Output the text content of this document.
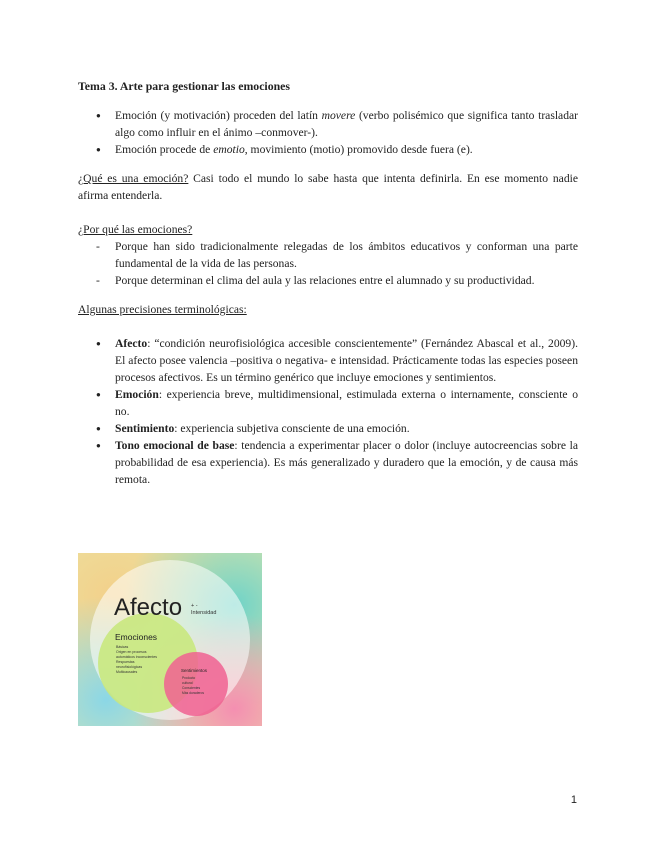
Tema 3. Arte para gestionar las emociones
● Emoción (y motivación) proceden del latín movere (verbo polisémico que significa tanto trasladar algo como influir en el ánimo –conmover-).
● Emoción procede de emotio, movimiento (motio) promovido desde fuera (e).

¿Qué es una emoción? Casi todo el mundo lo sabe hasta que intenta definirla. En ese momento nadie afirma entenderla.

¿Por qué las emociones?

- Porque han sido tradicionalmente relegadas de los ámbitos educativos y conforman una parte fundamental de la vida de las personas.
- Porque determinan el clima del aula y las relaciones entre el alumnado y su productividad.

Algunas precisiones terminológicas:

● Afecto: “condición neurofisiológica accesible conscientemente” (Fernández Abascal et al., 2009). El afecto posee valencia –positiva o negativa- e intensidad. Prácticamente todas las especies poseen procesos afectivos. Es un término genérico que incluye emociones y sentimientos.
● Emoción: experiencia breve, multidimensional, estimulada externa o internamente, consciente o no.
● Sentimiento: experiencia subjetiva consciente de una emoción.
● Tono emocional de base: tendencia a experimentar placer o dolor (incluye autocreencias sobre la probabilidad de esa experiencia). Es más generalizado y duradero que la emoción, y de causa más remota.
Afecto + -
Intensidad
Emociones
Básicas
Origen en procesos
automáticos inconscientes
Respuestas
neurofisiológicas
Multicausales	Sentimientos
Producto
cultural
Conscientes
Más duraderos
1
